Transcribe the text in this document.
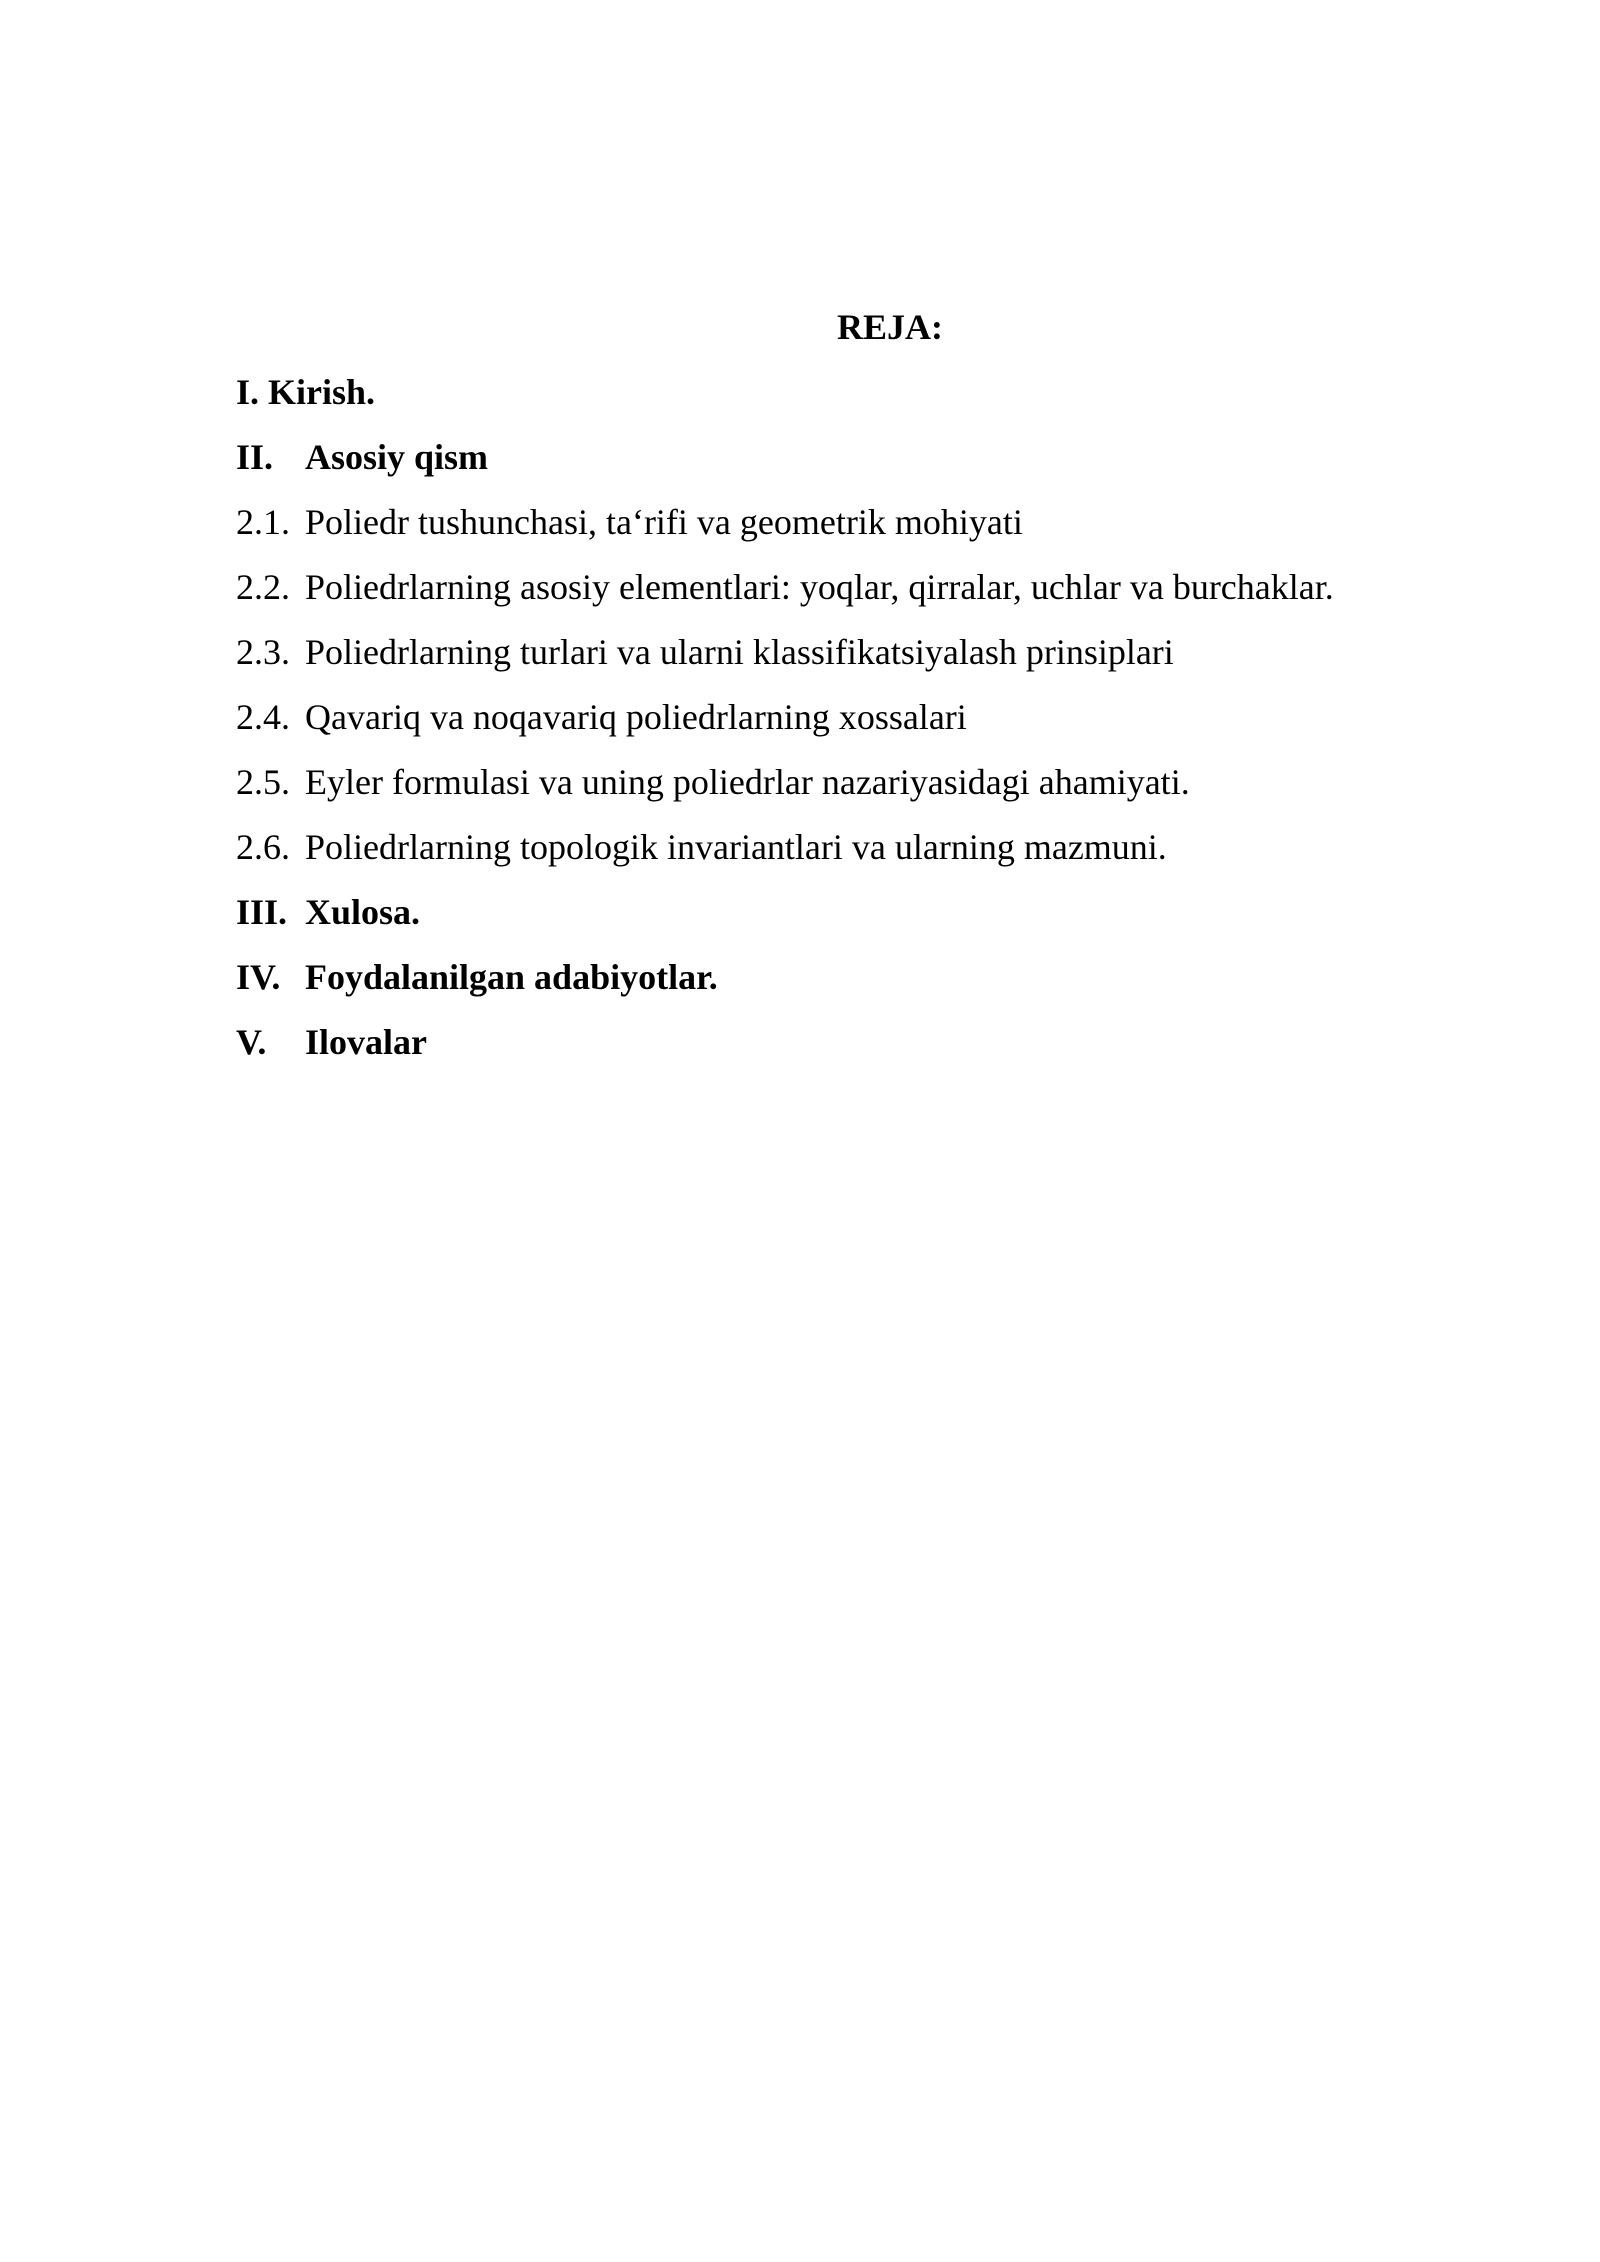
REJA:
I. Kirish.
II. Asosiy qism
2.1. Poliedr tushunchasi, ta‘rifi va geometrik mohiyati
2.2. Poliedrlarning asosiy elementlari: yoqlar, qirralar, uchlar va burchaklar.
2.3. Poliedrlarning turlari va ularni klassifikatsiyalash prinsiplari
2.4. Qavariq va noqavariq poliedrlarning xossalari
2.5. Eyler formulasi va uning poliedrlar nazariyasidagi ahamiyati.
2.6. Poliedrlarning topologik invariantlari va ularning mazmuni.
III. Xulosa.
IV. Foydalanilgan adabiyotlar.
V. Ilovalar
